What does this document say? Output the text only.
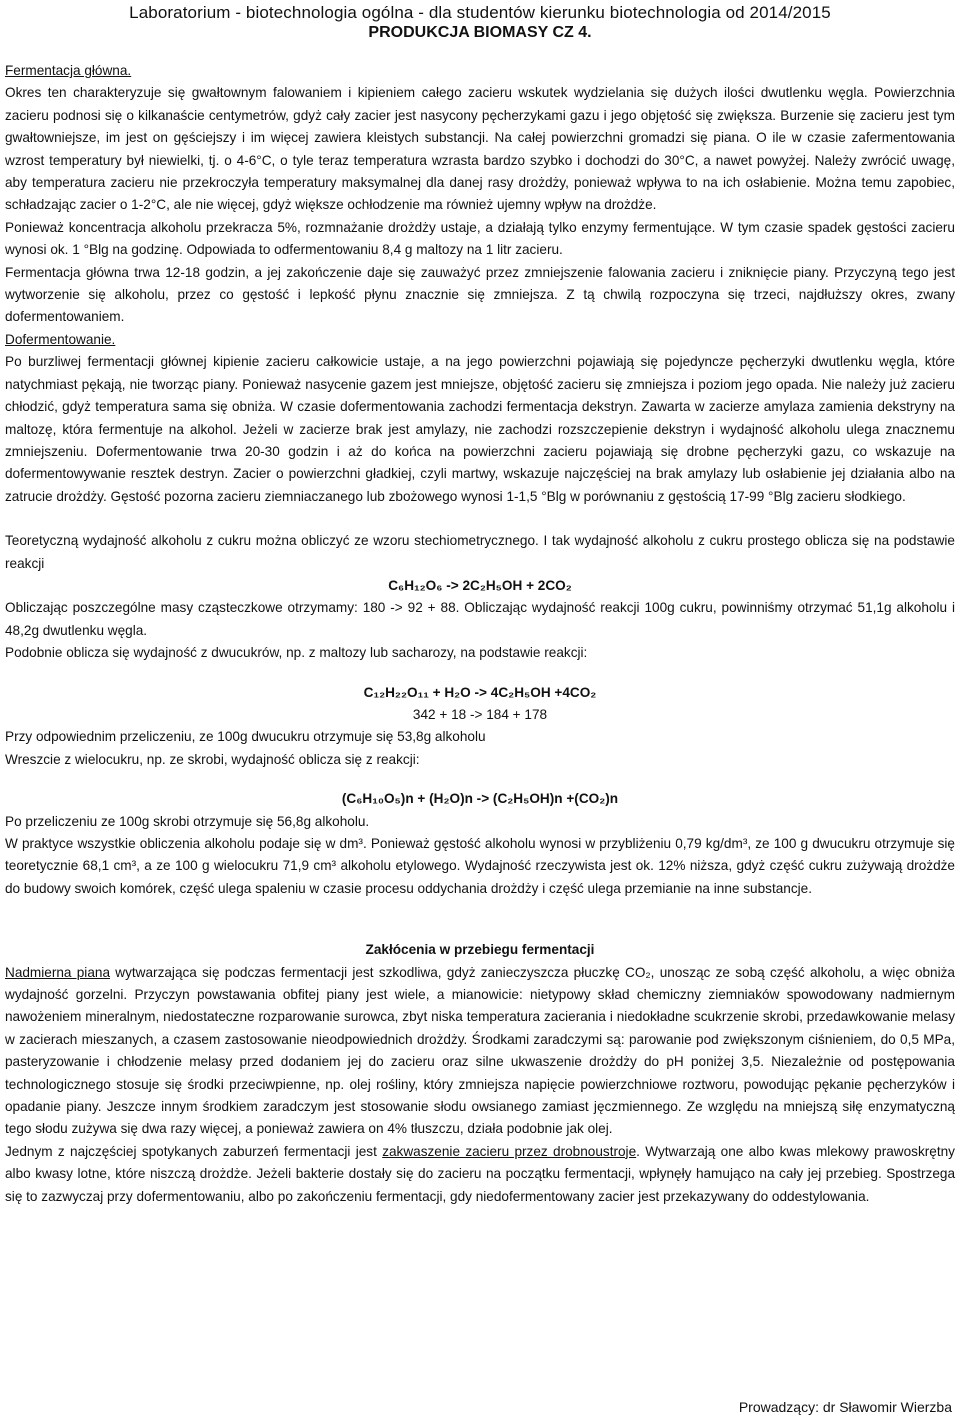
Laboratorium - biotechnologia ogólna - dla studentów kierunku biotechnologia od 2014/2015
PRODUKCJA BIOMASY CZ 4.

Fermentacja główna.

Okres ten charakteryzuje się gwałtownym falowaniem i kipieniem całego zacieru wskutek wydzielania się dużych ilości dwutlenku węgla. Powierzchnia zacieru podnosi się o kilkanaście centymetrów, gdyż cały zacier jest nasycony pęcherzykami gazu i jego objętość się zwiększa. Burzenie się zacieru jest tym gwałtowniejsze, im jest on gęściejszy i im więcej zawiera kleistych substancji. Na całej powierzchni gromadzi się piana. O ile w czasie zafermentowania wzrost temperatury był niewielki, tj. o 4-6°C, o tyle teraz temperatura wzrasta bardzo szybko i dochodzi do 30°C, a nawet powyżej. Należy zwrócić uwagę, aby temperatura zacieru nie przekroczyła temperatury maksymalnej dla danej rasy drożdży, ponieważ wpływa to na ich osłabienie. Można temu zapobiec, schładzając zacier o 1-2°C, ale nie więcej, gdyż większe ochłodzenie ma również ujemny wpływ na drożdże.

Ponieważ koncentracja alkoholu przekracza 5%, rozmnażanie drożdży ustaje, a działają tylko enzymy fermentujące. W tym czasie spadek gęstości zacieru wynosi ok. 1 °Blg na godzinę. Odpowiada to odfermentowaniu 8,4 g maltozy na 1 litr zacieru.

Fermentacja główna trwa 12-18 godzin, a jej zakończenie daje się zauważyć przez zmniejszenie falowania zacieru i zniknięcie piany. Przyczyną tego jest wytworzenie się alkoholu, przez co gęstość i lepkość płynu znacznie się zmniejsza. Z tą chwilą rozpoczyna się trzeci, najdłuższy okres, zwany dofermentowaniem.

Dofermentowanie.

Po burzliwej fermentacji głównej kipienie zacieru całkowicie ustaje, a na jego powierzchni pojawiają się pojedyncze pęcherzyki dwutlenku węgla, które natychmiast pękają, nie tworząc piany. Ponieważ nasycenie gazem jest mniejsze, objętość zacieru się zmniejsza i poziom jego opada. Nie należy już zacieru chłodzić, gdyż temperatura sama się obniża. W czasie dofermentowania zachodzi fermentacja dekstryn. Zawarta w zacierze amylaza zamienia dekstryny na maltozę, która fermentuje na alkohol. Jeżeli w zacierze brak jest amylazy, nie zachodzi rozszczepienie dekstryn i wydajność alkoholu ulega znacznemu zmniejszeniu. Dofermentowanie trwa 20-30 godzin i aż do końca na powierzchni zacieru pojawiają się drobne pęcherzyki gazu, co wskazuje na dofermentowywanie resztek destryn. Zacier o powierzchni gładkiej, czyli martwy, wskazuje najczęściej na brak amylazy lub osłabienie jej działania albo na zatrucie drożdży. Gęstość pozorna zacieru ziemniaczanego lub zbożowego wynosi 1-1,5 °Blg w porównaniu z gęstością 17-99 °Blg zacieru słodkiego.

Teoretyczną wydajność alkoholu z cukru można obliczyć ze wzoru stechiometrycznego. I tak wydajność alkoholu z cukru prostego oblicza się na podstawie reakcji

C₆H₁₂O₆ -> 2C₂H₅OH + 2CO₂

Obliczając poszczególne masy cząsteczkowe otrzymamy: 180 -> 92 + 88. Obliczając wydajność reakcji 100g cukru, powinniśmy otrzymać 51,1g alkoholu i 48,2g dwutlenku węgla.

Podobnie oblicza się wydajność z dwucukrów, np. z maltozy lub sacharozy, na podstawie reakcji:

C₁₂H₂₂O₁₁ + H₂O -> 4C₂H₅OH +4CO₂

342 + 18 -> 184 + 178

Przy odpowiednim przeliczeniu, ze 100g dwucukru otrzymuje się 53,8g alkoholu

Wreszcie z wielocukru, np. ze skrobi, wydajność oblicza się z reakcji:

(C₆H₁₀O₅)n + (H₂O)n -> (C₂H₅OH)n +(CO₂)n

Po przeliczeniu ze 100g skrobi otrzymuje się 56,8g alkoholu.

W praktyce wszystkie obliczenia alkoholu podaje się w dm³. Ponieważ gęstość alkoholu wynosi w przybliżeniu 0,79 kg/dm³, ze 100 g dwucukru otrzymuje się teoretycznie 68,1 cm³, a ze 100 g wielocukru 71,9 cm³ alkoholu etylowego. Wydajność rzeczywista jest ok. 12% niższa, gdyż część cukru zużywają drożdże do budowy swoich komórek, część ulega spaleniu w czasie procesu oddychania drożdży i część ulega przemianie na inne substancje.

Zakłócenia w przebiegu fermentacji

Nadmierna piana wytwarzająca się podczas fermentacji jest szkodliwa, gdyż zanieczyszcza płuczkę CO₂, unosząc ze sobą część alkoholu, a więc obniża wydajność gorzelni. Przyczyn powstawania obfitej piany jest wiele, a mianowicie: nietypowy skład chemiczny ziemniaków spowodowany nadmiernym nawożeniem mineralnym, niedostateczne rozparowanie surowca, zbyt niska temperatura zacierania i niedokładne scukrzenie skrobi, przedawkowanie melasy w zacierach mieszanych, a czasem zastosowanie nieodpowiednich drożdży. Środkami zaradczymi są: parowanie pod zwiększonym ciśnieniem, do 0,5 MPa, pasteryzowanie i chłodzenie melasy przed dodaniem jej do zacieru oraz silne ukwaszenie drożdży do pH poniżej 3,5. Niezależnie od postępowania technologicznego stosuje się środki przeciwpienne, np. olej rośliny, który zmniejsza napięcie powierzchniowe roztworu, powodując pękanie pęcherzyków i opadanie piany. Jeszcze innym środkiem zaradczym jest stosowanie słodu owsianego zamiast jęczmiennego. Ze względu na mniejszą siłę enzymatyczną tego słodu zużywa się dwa razy więcej, a ponieważ zawiera on 4% tłuszczu, działa podobnie jak olej.

Jednym z najczęściej spotykanych zaburzeń fermentacji jest zakwaszenie zacieru przez drobnoustroje. Wytwarzają one albo kwas mlekowy prawoskrętny albo kwasy lotne, które niszczą drożdże. Jeżeli bakterie dostały się do zacieru na początku fermentacji, wpłynęły hamująco na cały jej przebieg. Spostrzega się to zazwyczaj przy dofermentowaniu, albo po zakończeniu fermentacji, gdy niedofermentowany zacier jest przekazywany do oddestylowania.

Prowadzący: dr Sławomir Wierzba
